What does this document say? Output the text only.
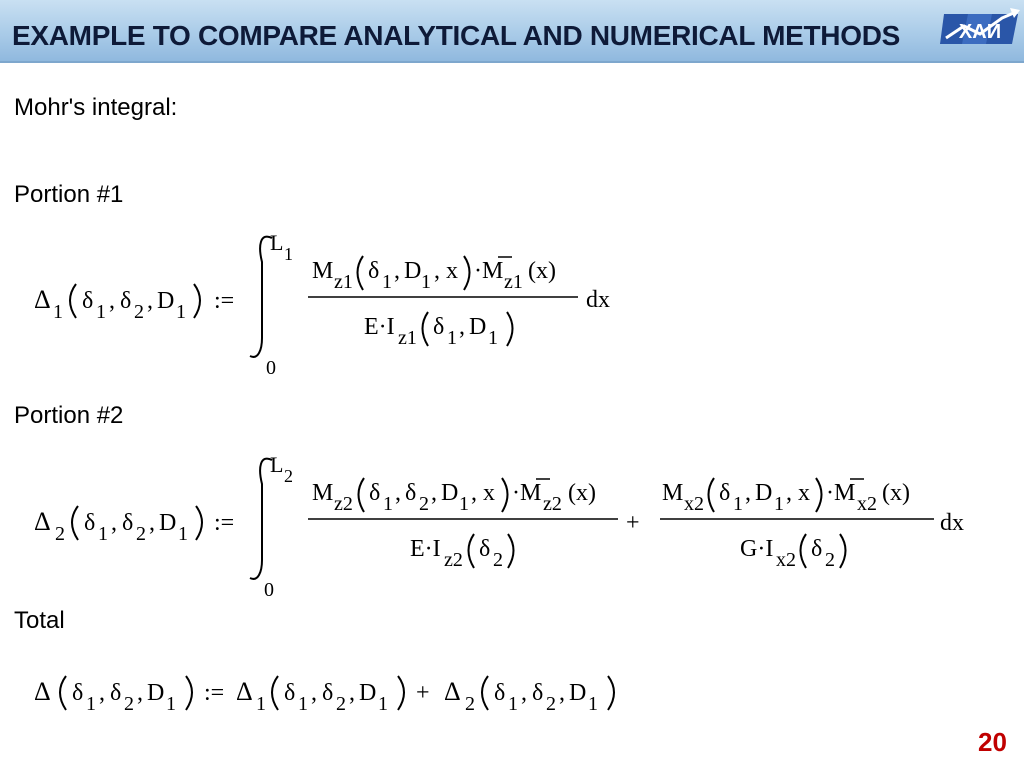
EXAMPLE TO COMPARE ANALYTICAL AND NUMERICAL METHODS	ХАИ
Mohr's integral:
Portion #1
Portion #2
Total
Δ 1 δ 1 , δ 2 , D 1 :=
L 1
0
M z1 δ 1 , D 1 , x · M z1 (x)
E·I z1 δ 1 , D 1
dx
Δ 2 δ 1 , δ 2 , D 1 :=
L 2
0
M z2 δ 1 , δ 2 , D 1 , x · M z2 (x)
E·I z2 δ 2
+
M x2 δ 1 , D 1 , x · M x2 (x)
G·I x2 δ 2
dx
Δ δ 1 , δ 2 , D 1 := Δ 1 δ 1 , δ 2 , D 1 + Δ 2 δ 1 , δ 2 , D 1
20
